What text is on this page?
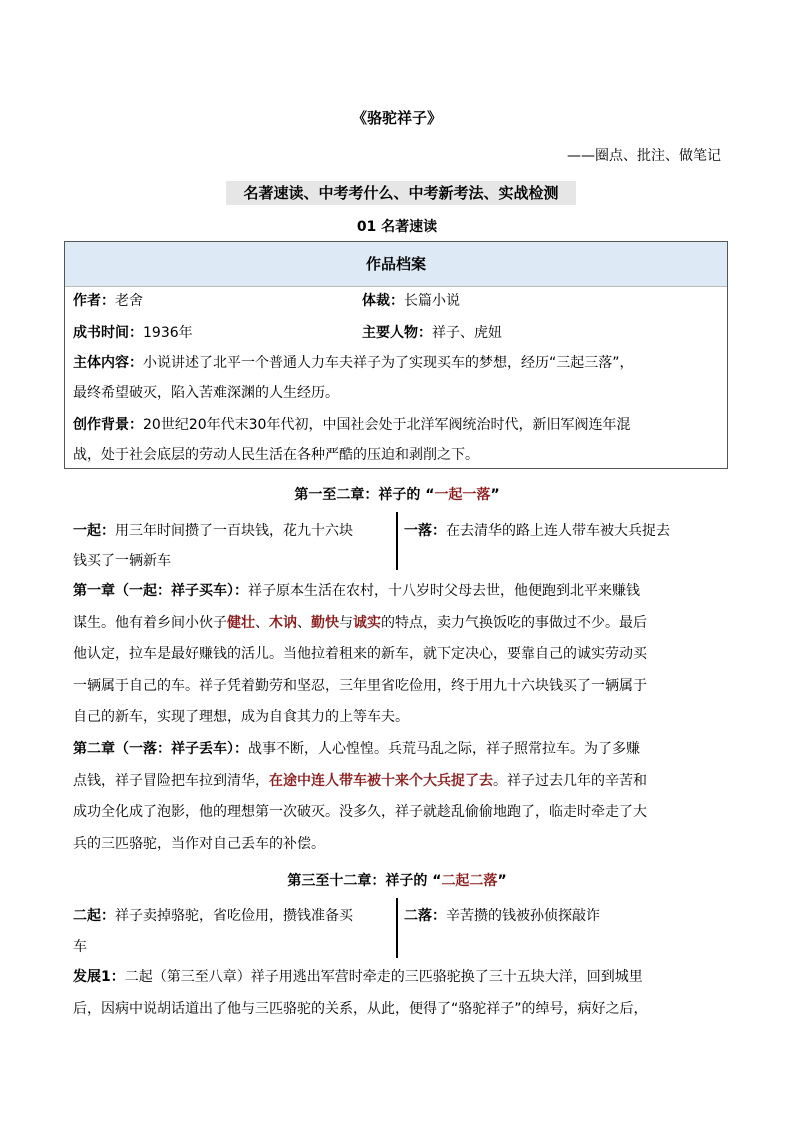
《骆驼祥子》
——圈点、批注、做笔记
名著速读、中考考什么、中考新考法、实战检测
01 名著速读
作品档案
作者：老舍	体裁：长篇小说
成书时间：1936年	主要人物：祥子、虎妞
主体内容：小说讲述了北平一个普通人力车夫祥子为了实现买车的梦想，经历“三起三落”，
最终希望破灭，陷入苦难深渊的人生经历。
创作背景：20世纪20年代末30年代初，中国社会处于北洋军阀统治时代，新旧军阀连年混
战，处于社会底层的劳动人民生活在各种严酷的压迫和剥削之下。
第一至二章：祥子的 “一起一落”
一起：用三年时间攒了一百块钱，花九十六块
钱买了一辆新车
一落：在去清华的路上连人带车被大兵捉去
第一章（一起：祥子买车）：祥子原本生活在农村，十八岁时父母去世，他便跑到北平来赚钱
谋生。他有着乡间小伙子健壮、木讷、勤快与诚实的特点，卖力气换饭吃的事做过不少。最后
他认定，拉车是最好赚钱的活儿。当他拉着租来的新车，就下定决心，要靠自己的诚实劳动买
一辆属于自己的车。祥子凭着勤劳和坚忍，三年里省吃俭用，终于用九十六块钱买了一辆属于
自己的新车，实现了理想，成为自食其力的上等车夫。
第二章（一落：祥子丢车）：战事不断，人心惶惶。兵荒马乱之际，祥子照常拉车。为了多赚
点钱，祥子冒险把车拉到清华，在途中连人带车被十来个大兵捉了去。祥子过去几年的辛苦和
成功全化成了泡影，他的理想第一次破灭。没多久，祥子就趁乱偷偷地跑了，临走时牵走了大
兵的三匹骆驼，当作对自己丢车的补偿。
第三至十二章：祥子的 “二起二落”
二起：祥子卖掉骆驼，省吃俭用，攒钱准备买
车
二落：辛苦攒的钱被孙侦探敲诈
发展1：二起（第三至八章）祥子用逃出军营时牵走的三匹骆驼换了三十五块大洋，回到城里
后，因病中说胡话道出了他与三匹骆驼的关系，从此，便得了“骆驼祥子”的绰号，病好之后，
